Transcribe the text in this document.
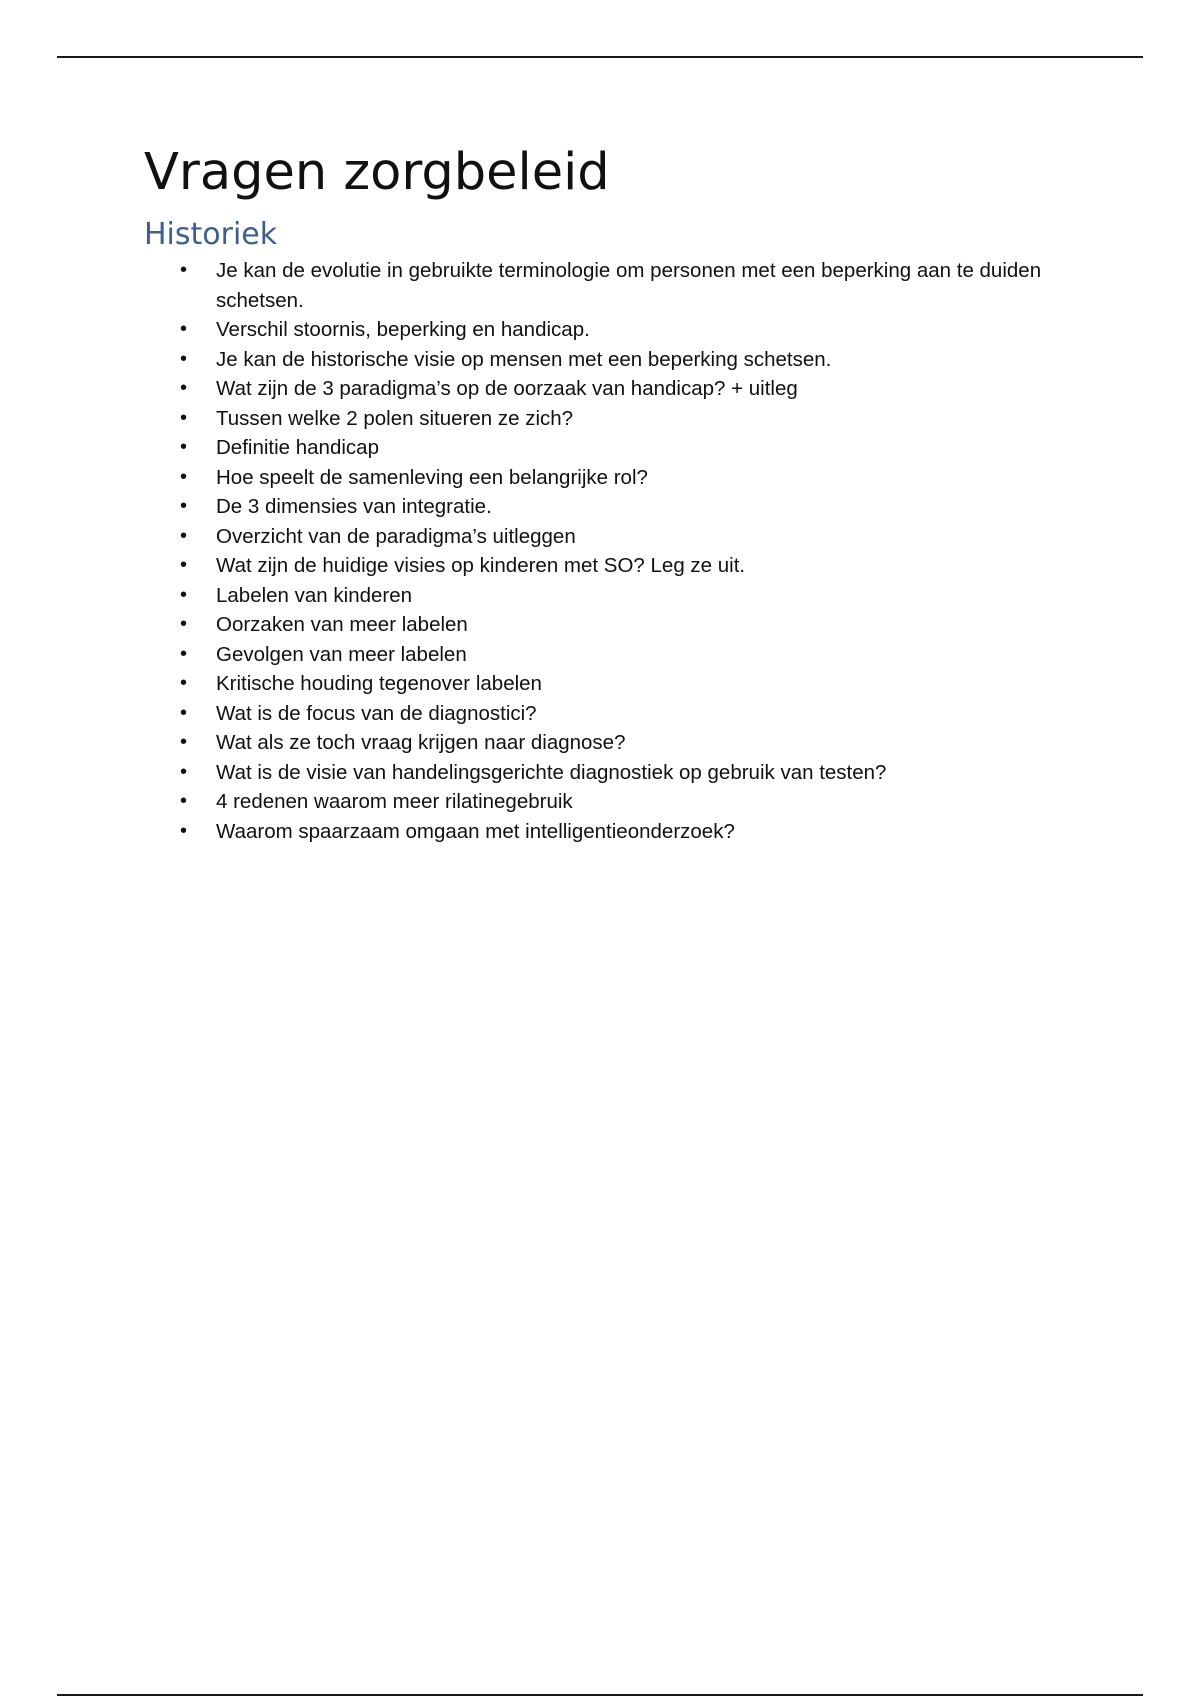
Vragen zorgbeleid
Historiek
• Je kan de evolutie in gebruikte terminologie om personen met een beperking aan te duiden schetsen.
• Verschil stoornis, beperking en handicap.
• Je kan de historische visie op mensen met een beperking schetsen.
• Wat zijn de 3 paradigma’s op de oorzaak van handicap? + uitleg
• Tussen welke 2 polen situeren ze zich?
• Definitie handicap
• Hoe speelt de samenleving een belangrijke rol?
• De 3 dimensies van integratie.
• Overzicht van de paradigma’s uitleggen
• Wat zijn de huidige visies op kinderen met SO? Leg ze uit.
• Labelen van kinderen
• Oorzaken van meer labelen
• Gevolgen van meer labelen
• Kritische houding tegenover labelen
• Wat is de focus van de diagnostici?
• Wat als ze toch vraag krijgen naar diagnose?
• Wat is de visie van handelingsgerichte diagnostiek op gebruik van testen?
• 4 redenen waarom meer rilatinegebruik
• Waarom spaarzaam omgaan met intelligentieonderzoek?
